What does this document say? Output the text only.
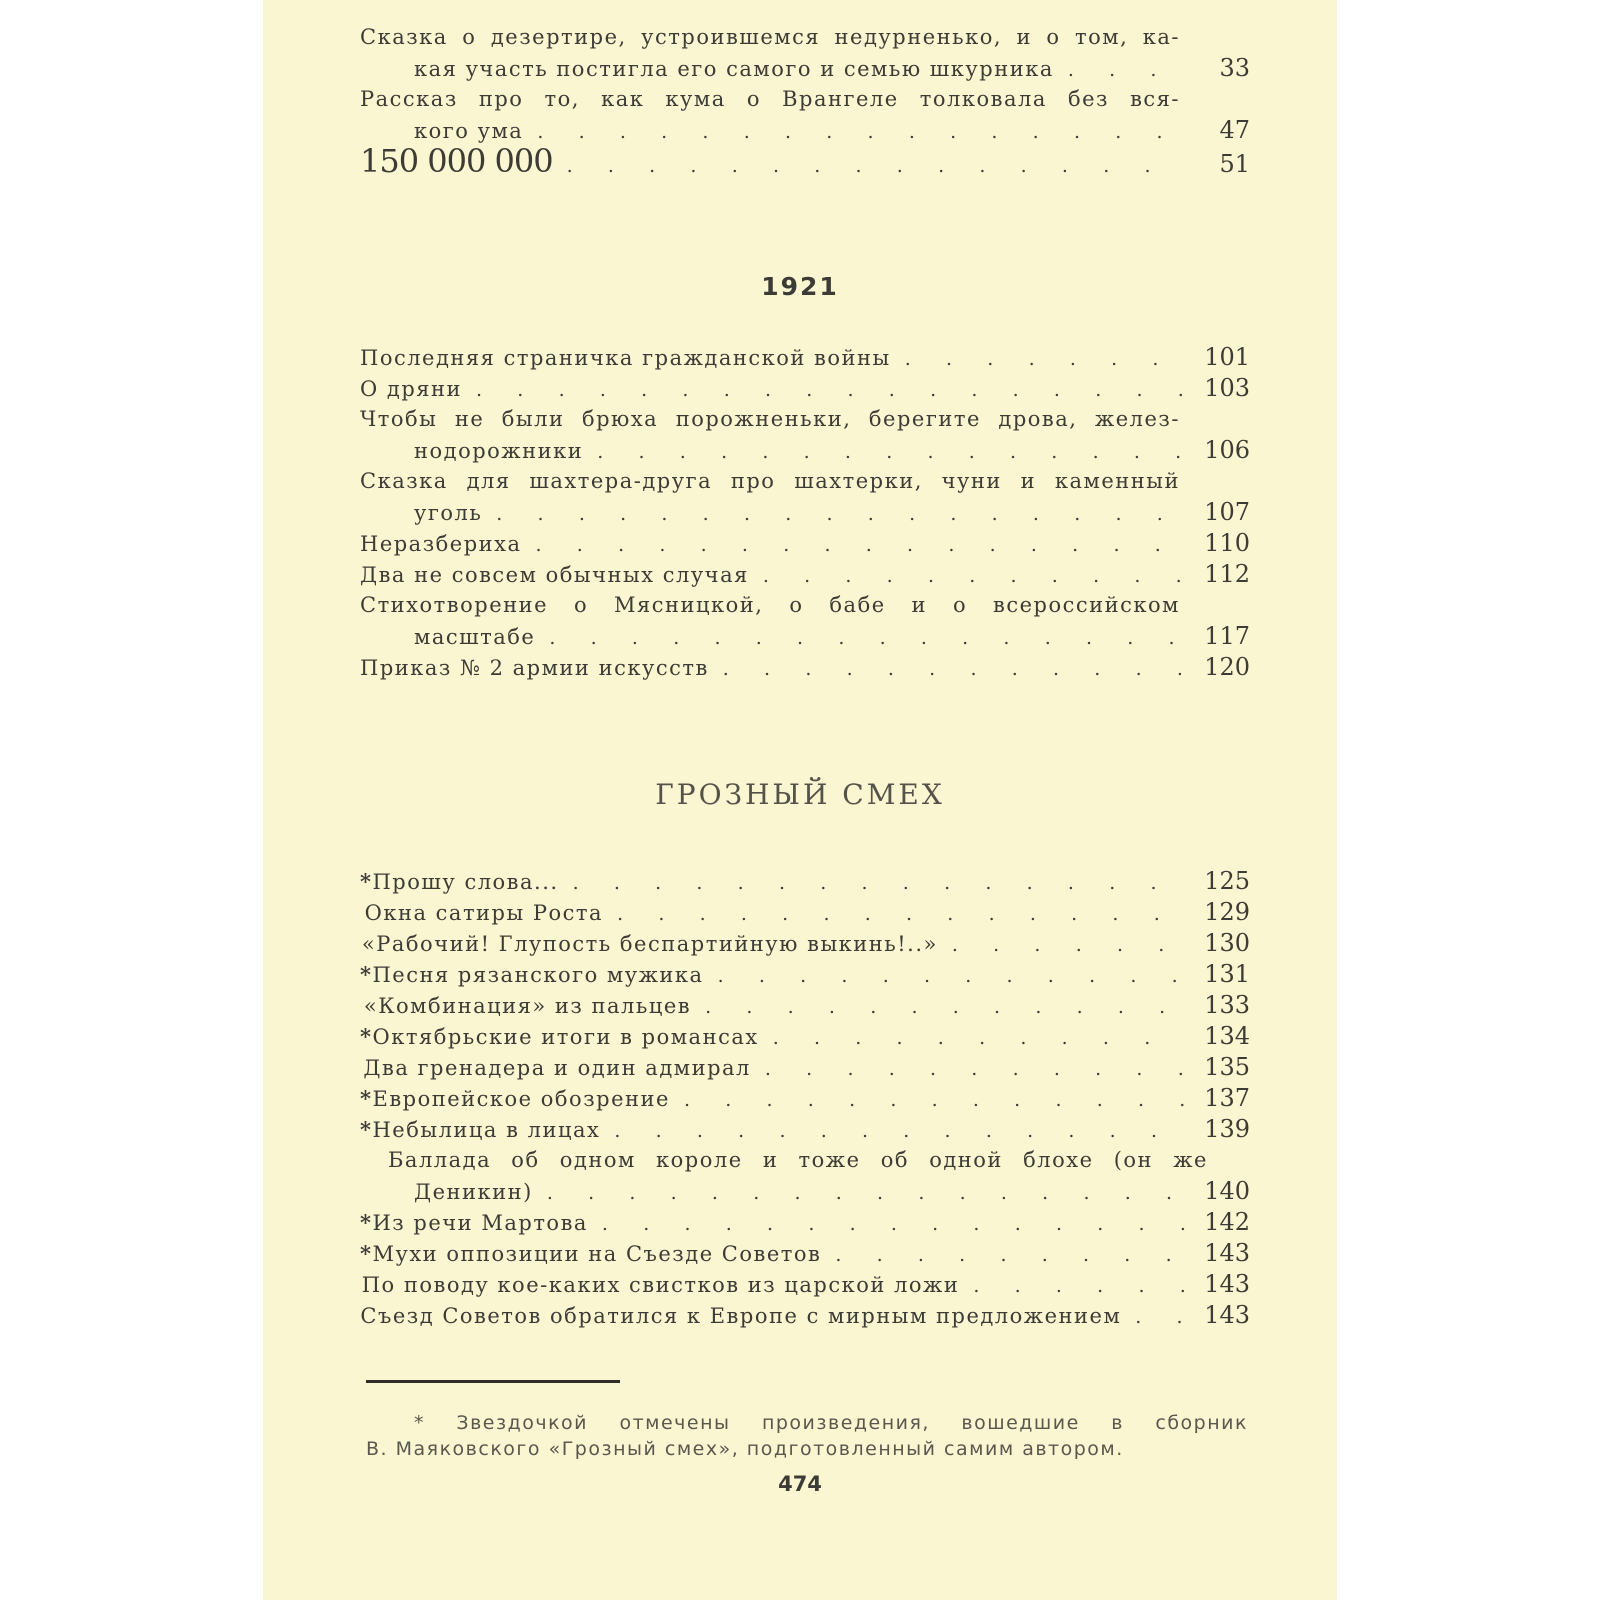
Сказка о дезертире, устроившемся недурненько, и о том, ка-
кая участь постигла его самого и семью шкурника . . .	33
Рассказ про то, как кума о Врангеле толковала без вся-
кого ума . . .	47
150 000 000 . . .	51
1921
Последняя страничка гражданской войны . . .	101
О дряни . . .	103
Чтобы не были брюха порожненьки, берегите дрова, желез-
нодорожники . . .	106
Сказка для шахтера-друга про шахтерки, чуни и каменный
уголь . . .	107
Неразбериха . . .	110
Два не совсем обычных случая . . .	112
Стихотворение о Мясницкой, о бабе и о всероссийском
масштабе . . .	117
Приказ № 2 армии искусств . . .	120
ГРОЗНЫЙ СМЕХ
* Прошу слова... . . .	125
Окна сатиры Роста . . .	129
«Рабочий! Глупость беспартийную выкинь!..» . . .	130
* Песня рязанского мужика . . .	131
«Комбинация» из пальцев . . .	133
* Октябрьские итоги в романсах . . .	134
Два гренадера и один адмирал . . .	135
* Европейское обозрение . . .	137
* Небылица в лицах . . .	139
Баллада об одном короле и тоже об одной блохе (он же
Деникин) . . .	140
* Из речи Мартова . . .	142
* Мухи оппозиции на Съезде Советов . . .	143
По поводу кое-каких свистков из царской ложи . . .	143
Съезд Советов обратился к Европе с мирным предложением . . .	143
* Звездочкой отмечены произведения, вошедшие в сборник
В. Маяковского «Грозный смех», подготовленный самим автором.
474
